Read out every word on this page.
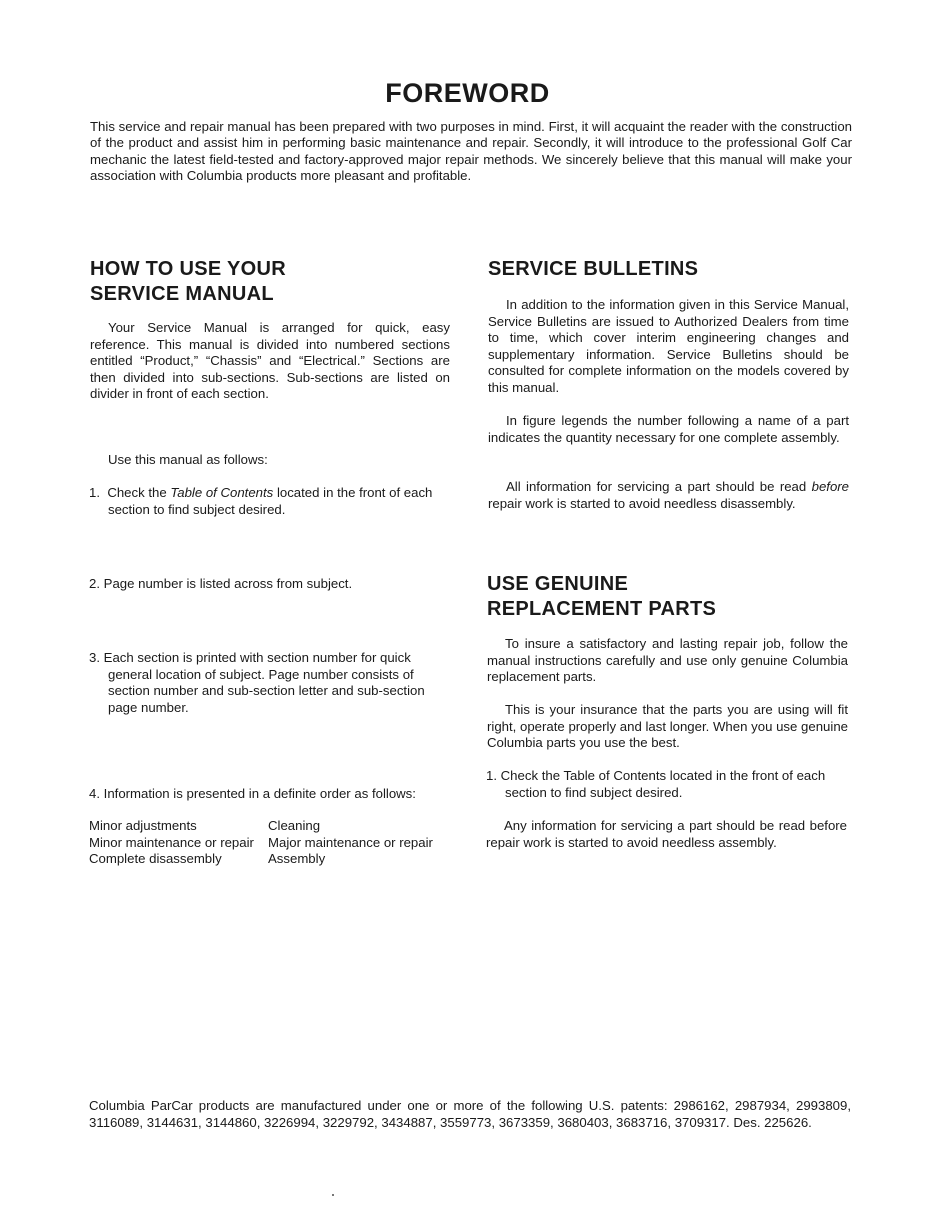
FOREWORD

This service and repair manual has been prepared with two purposes in mind. First, it will acquaint the reader with the construction of the product and assist him in performing basic maintenance and repair. Secondly, it will introduce to the professional Golf Car mechanic the latest field-tested and factory-approved major repair methods. We sincerely believe that this manual will make your association with Columbia products more pleasant and profitable.

HOW TO USE YOUR
SERVICE MANUAL

Your Service Manual is arranged for quick, easy reference. This manual is divided into numbered sections entitled “Product,” “Chassis” and “Electrical.” Sections are then divided into sub-sections. Sub-sections are listed on divider in front of each section.

Use this manual as follows:

1. Check the Table of Contents located in the front of each section to find subject desired.

2. Page number is listed across from subject.

3. Each section is printed with section number for quick general location of subject. Page number consists of section number and sub-section letter and sub-section page number.

4. Information is presented in a definite order as follows:

Minor adjustments	Cleaning
Minor maintenance or repair	Major maintenance or repair
Complete disassembly	Assembly
SERVICE BULLETINS

In addition to the information given in this Service Manual, Service Bulletins are issued to Authorized Dealers from time to time, which cover interim engineering changes and supplementary information. Service Bulletins should be consulted for complete information on the models covered by this manual.

In figure legends the number following a name of a part indicates the quantity necessary for one complete assembly.

All information for servicing a part should be read before repair work is started to avoid needless disassembly.

USE GENUINE
REPLACEMENT PARTS

To insure a satisfactory and lasting repair job, follow the manual instructions carefully and use only genuine Columbia replacement parts.

This is your insurance that the parts you are using will fit right, operate properly and last longer. When you use genuine Columbia parts you use the best.

1. Check the Table of Contents located in the front of each section to find subject desired.

Any information for servicing a part should be read before repair work is started to avoid needless assembly.

Columbia ParCar products are manufactured under one or more of the following U.S. patents: 2986162, 2987934, 2993809, 3116089, 3144631, 3144860, 3226994, 3229792, 3434887, 3559773, 3673359, 3680403, 3683716, 3709317. Des. 225626.
